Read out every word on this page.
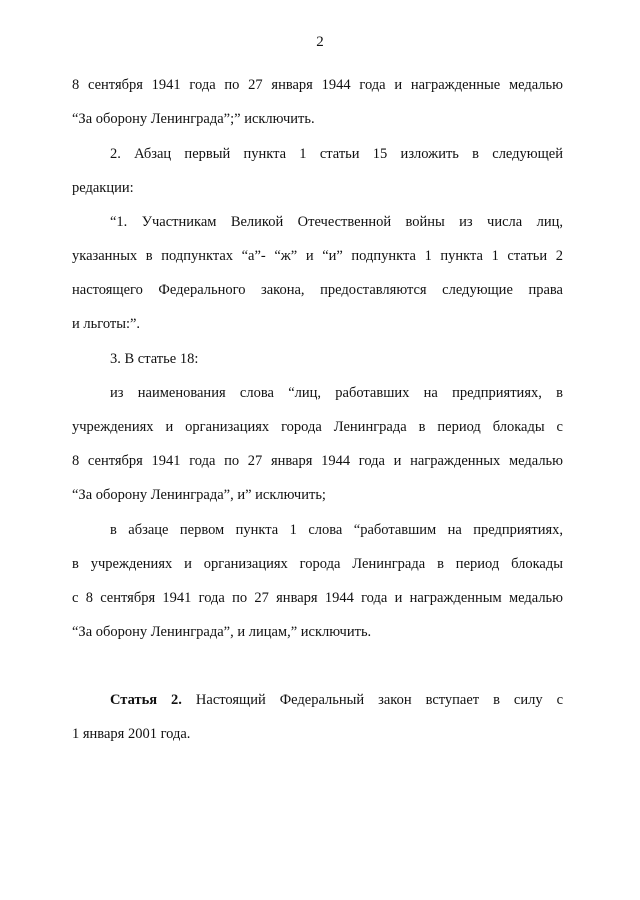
2
8 сентября 1941 года по 27 января 1944 года и награжденные медалью
“За оборону Ленинграда”;” исключить.
2. Абзац первый пункта 1 статьи 15 изложить в следующей
редакции:
“1. Участникам Великой Отечественной войны из числа лиц,
указанных в подпунктах “а”- “ж” и “и” подпункта 1 пункта 1 статьи 2
настоящего Федерального закона, предоставляются следующие права
и льготы:”.
3. В статье 18:
из наименования слова “лиц, работавших на предприятиях, в
учреждениях и организациях города Ленинграда в период блокады с
8 сентября 1941 года по 27 января 1944 года и награжденных медалью
“За оборону Ленинграда”, и” исключить;
в абзаце первом пункта 1 слова “работавшим на предприятиях,
в учреждениях и организациях города Ленинграда в период блокады
с 8 сентября 1941 года по 27 января 1944 года и награжденным медалью
“За оборону Ленинграда”, и лицам,” исключить.
Статья 2. Настоящий Федеральный закон вступает в силу с
1 января 2001 года.
